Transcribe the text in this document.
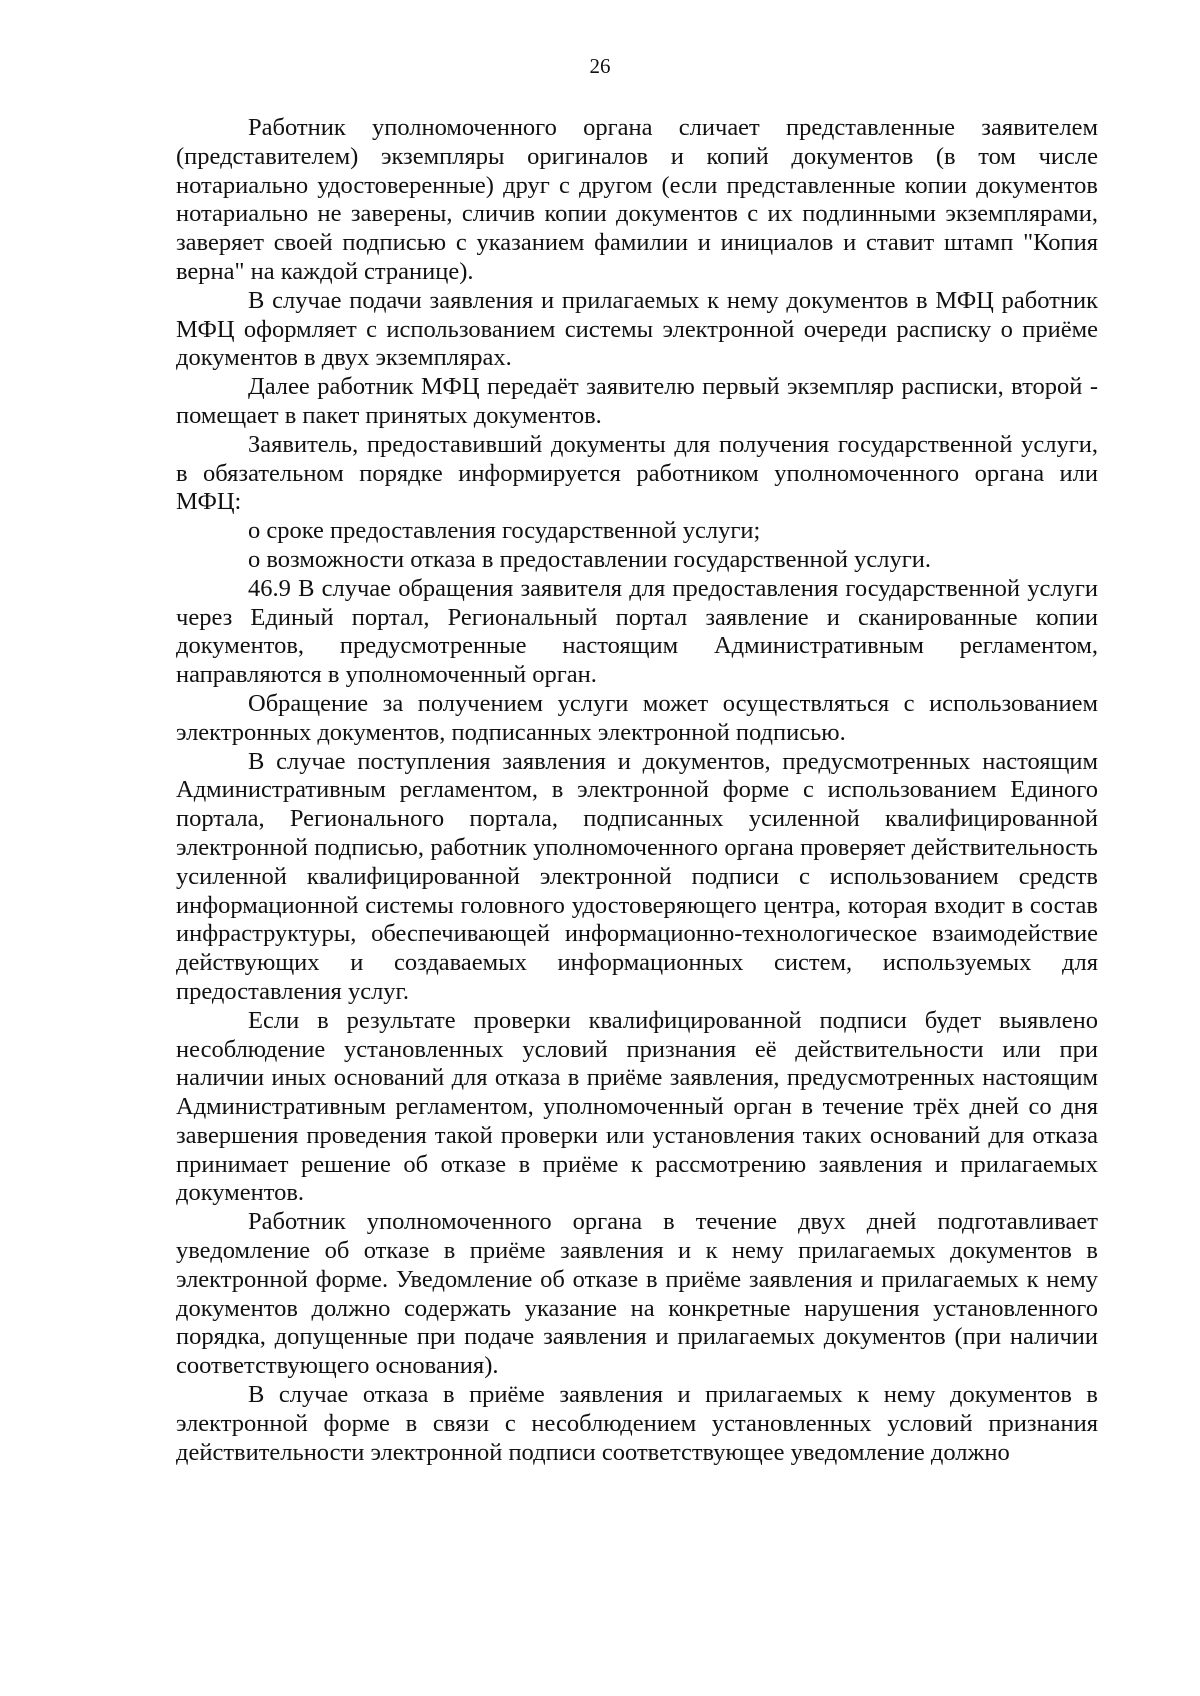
26

Работник уполномоченного органа сличает представленные заявителем (представителем) экземпляры оригиналов и копий документов (в том числе нотариально удостоверенные) друг с другом (если представленные копии документов нотариально не заверены, сличив копии документов с их подлинными экземплярами, заверяет своей подписью с указанием фамилии и инициалов и ставит штамп "Копия верна" на каждой странице).

В случае подачи заявления и прилагаемых к нему документов в МФЦ работник МФЦ оформляет с использованием системы электронной очереди расписку о приёме документов в двух экземплярах.

Далее работник МФЦ передаёт заявителю первый экземпляр расписки, второй - помещает в пакет принятых документов.

Заявитель, предоставивший документы для получения государственной услуги, в обязательном порядке информируется работником уполномоченного органа или МФЦ:

о сроке предоставления государственной услуги;

о возможности отказа в предоставлении государственной услуги.

46.9 В случае обращения заявителя для предоставления государственной услуги через Единый портал, Региональный портал заявление и сканированные копии документов, предусмотренные настоящим Административным регламентом, направляются в уполномоченный орган.

Обращение за получением услуги может осуществляться с использованием электронных документов, подписанных электронной подписью.

В случае поступления заявления и документов, предусмотренных настоящим Административным регламентом, в электронной форме с использованием Единого портала, Регионального портала, подписанных усиленной квалифицированной электронной подписью, работник уполномоченного органа проверяет действительность усиленной квалифицированной электронной подписи с использованием средств информационной системы головного удостоверяющего центра, которая входит в состав инфраструктуры, обеспечивающей информационно-технологическое взаимодействие действующих и создаваемых информационных систем, используемых для предоставления услуг.

Если в результате проверки квалифицированной подписи будет выявлено несоблюдение установленных условий признания её действительности или при наличии иных оснований для отказа в приёме заявления, предусмотренных настоящим Административным регламентом, уполномоченный орган в течение трёх дней со дня завершения проведения такой проверки или установления таких оснований для отказа принимает решение об отказе в приёме к рассмотрению заявления и прилагаемых документов.

Работник уполномоченного органа в течение двух дней подготавливает уведомление об отказе в приёме заявления и к нему прилагаемых документов в электронной форме. Уведомление об отказе в приёме заявления и прилагаемых к нему документов должно содержать указание на конкретные нарушения установленного порядка, допущенные при подаче заявления и прилагаемых документов (при наличии соответствующего основания).

В случае отказа в приёме заявления и прилагаемых к нему документов в электронной форме в связи с несоблюдением установленных условий признания действительности электронной подписи соответствующее уведомление должно
